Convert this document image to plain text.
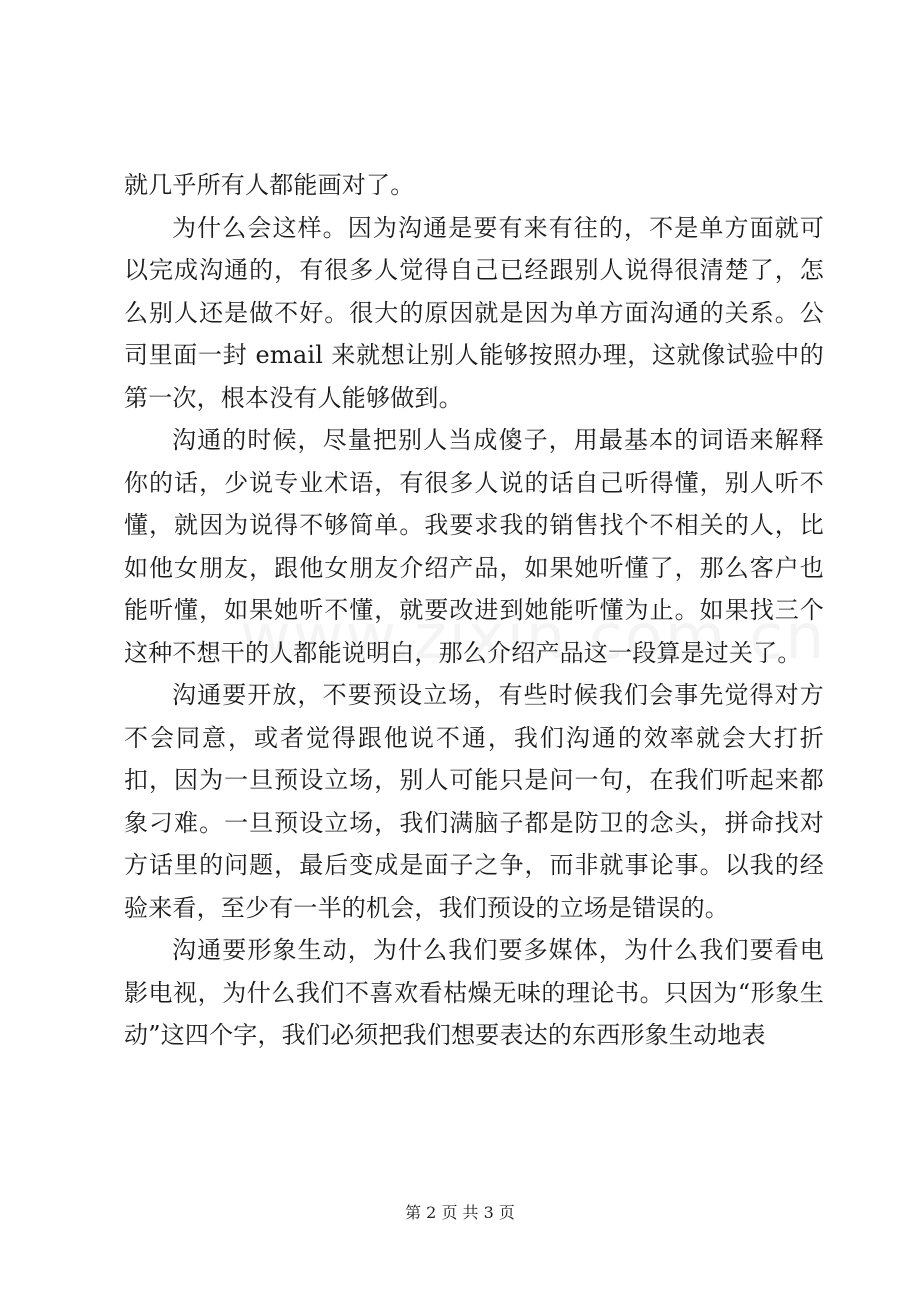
就几乎所有人都能画对了。

为什么会这样。因为沟通是要有来有往的，不是单方面就可以完成沟通的，有很多人觉得自己已经跟别人说得很清楚了，怎么别人还是做不好。很大的原因就是因为单方面沟通的关系。公司里面一封 email 来就想让别人能够按照办理，这就像试验中的第一次，根本没有人能够做到。

沟通的时候，尽量把别人当成傻子，用最基本的词语来解释你的话，少说专业术语，有很多人说的话自己听得懂，别人听不懂，就因为说得不够简单。我要求我的销售找个不相关的人，比如他女朋友，跟他女朋友介绍产品，如果她听懂了，那么客户也能听懂，如果她听不懂，就要改进到她能听懂为止。如果找三个这种不想干的人都能说明白，那么介绍产品这一段算是过关了。

沟通要开放，不要预设立场，有些时候我们会事先觉得对方不会同意，或者觉得跟他说不通，我们沟通的效率就会大打折扣，因为一旦预设立场，别人可能只是问一句，在我们听起来都象刁难。一旦预设立场，我们满脑子都是防卫的念头，拼命找对方话里的问题，最后变成是面子之争，而非就事论事。以我的经验来看，至少有一半的机会，我们预设的立场是错误的。

沟通要形象生动，为什么我们要多媒体，为什么我们要看电影电视，为什么我们不喜欢看枯燥无味的理论书。只因为“形象生动”这四个字，我们必须把我们想要表达的东西形象生动地表

第 2 页 共 3 页
